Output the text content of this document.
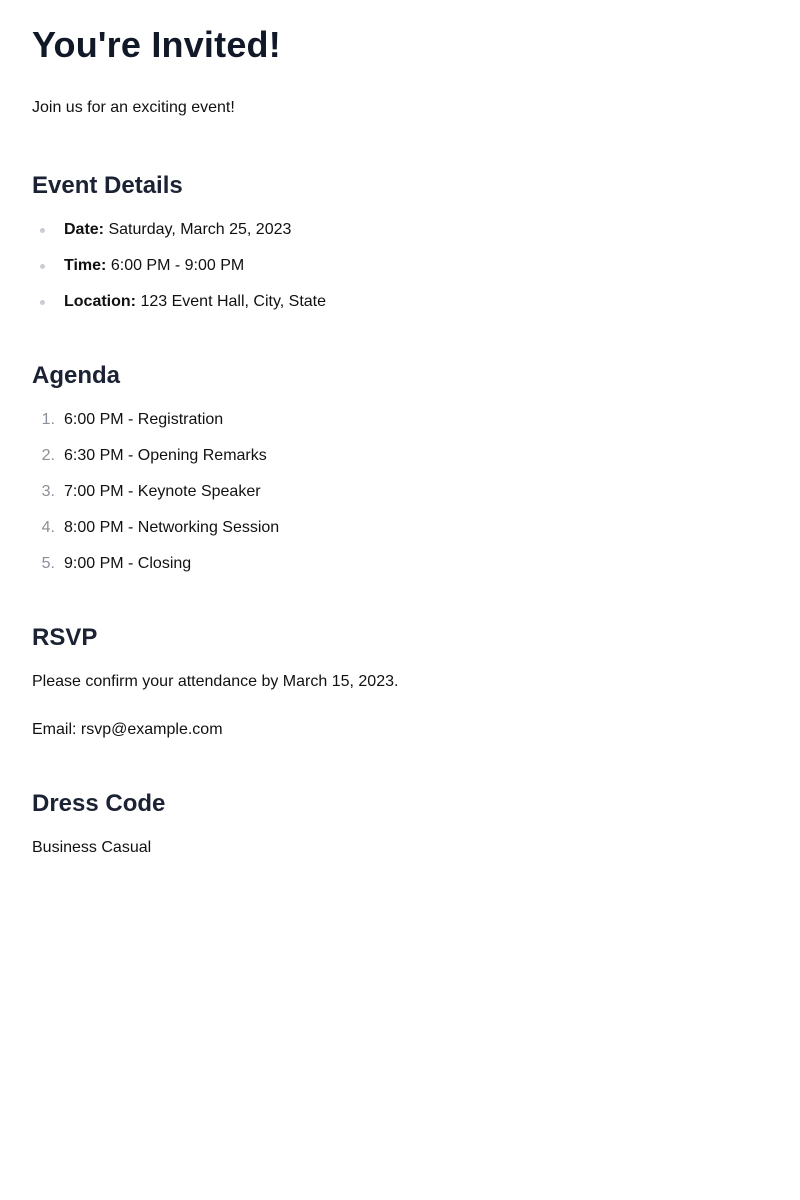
You're Invited!

Join us for an exciting event!

Event Details
Date: Saturday, March 25, 2023
Time: 6:00 PM - 9:00 PM
Location: 123 Event Hall, City, State
Agenda
1. 6:00 PM - Registration
2. 6:30 PM - Opening Remarks
3. 7:00 PM - Keynote Speaker
4. 8:00 PM - Networking Session
5. 9:00 PM - Closing
RSVP

Please confirm your attendance by March 15, 2023.

Email: rsvp@example.com

Dress Code

Business Casual
